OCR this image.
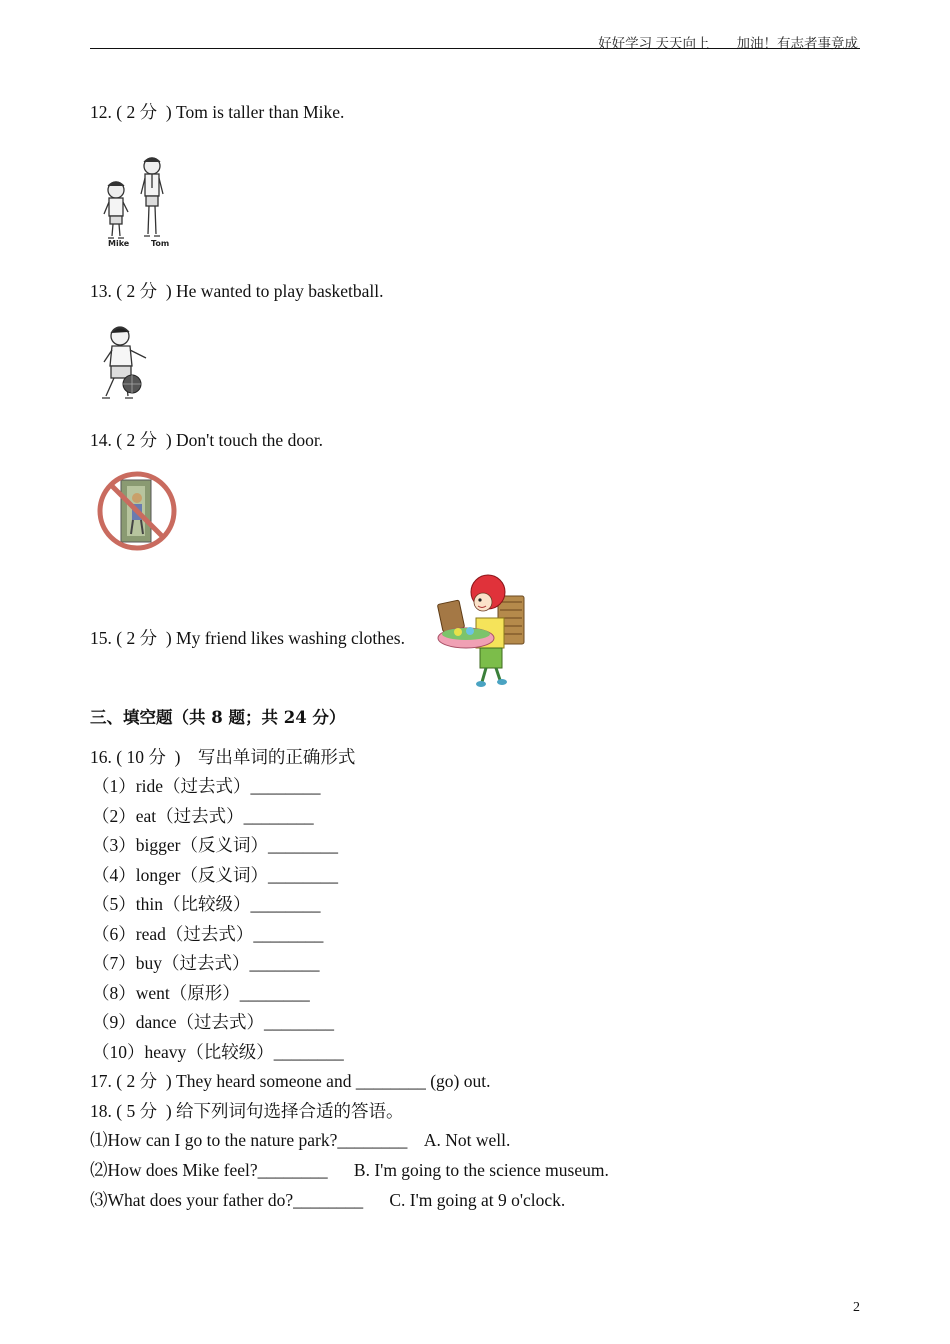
好好学习 天天向上 加油！有志者事竟成
12. ( 2 分  ) Tom is taller than Mike.
Mike	Tom
13. ( 2 分  ) He wanted to play basketball.
14. ( 2 分  ) Don't touch the door.
15. ( 2 分  ) My friend likes washing clothes.
三、填空题（共 8 题；共 24 分）
16. ( 10 分  )    写出单词的正确形式
（1）ride（过去式）________
（2）eat（过去式）________
（3）bigger（反义词）________
（4）longer（反义词）________
（5）thin（比较级）________
（6）read（过去式）________
（7）buy（过去式）________
（8）went（原形）________
（9）dance（过去式）________
（10）heavy（比较级）________
17. ( 2 分  ) They heard someone and ________ (go) out.
18. ( 5 分  ) 给下列词句选择合适的答语。
⑴How can I go to the nature park?________ A. Not well.
⑵How does Mike feel?________ B. I'm going to the science museum.
⑶What does your father do?________ C. I'm going at 9 o'clock.
2
